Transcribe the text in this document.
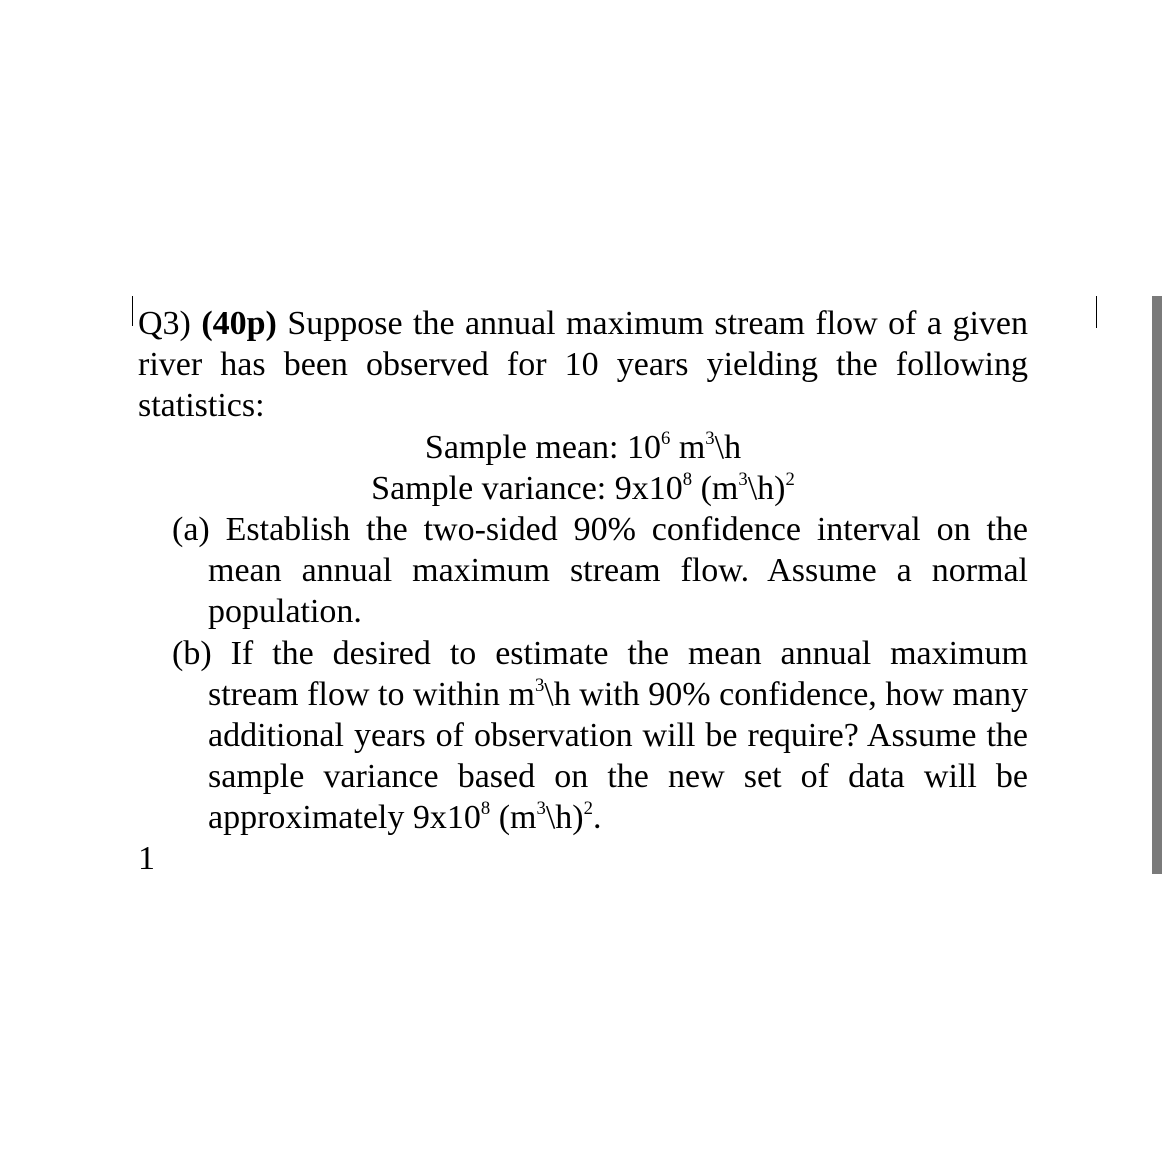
Q3) (40p) Suppose the annual maximum stream flow of a given river has been observed for 10 years yielding the following statistics:

Sample mean: $10^6$ $m^3\backslash h$

Sample variance: $9x10^8$ $(m^3\backslash h)^2$

(a) Establish the two-sided 90% confidence interval on the mean annual maximum stream flow. Assume a normal population.

(b) If the desired to estimate the mean annual maximum stream flow to within $m^3\backslash h$ with 90% confidence, how many additional years of observation will be require? Assume the sample variance based on the new set of data will be approximately $9x10^8$ $(m^3\backslash h)^2$.

1
